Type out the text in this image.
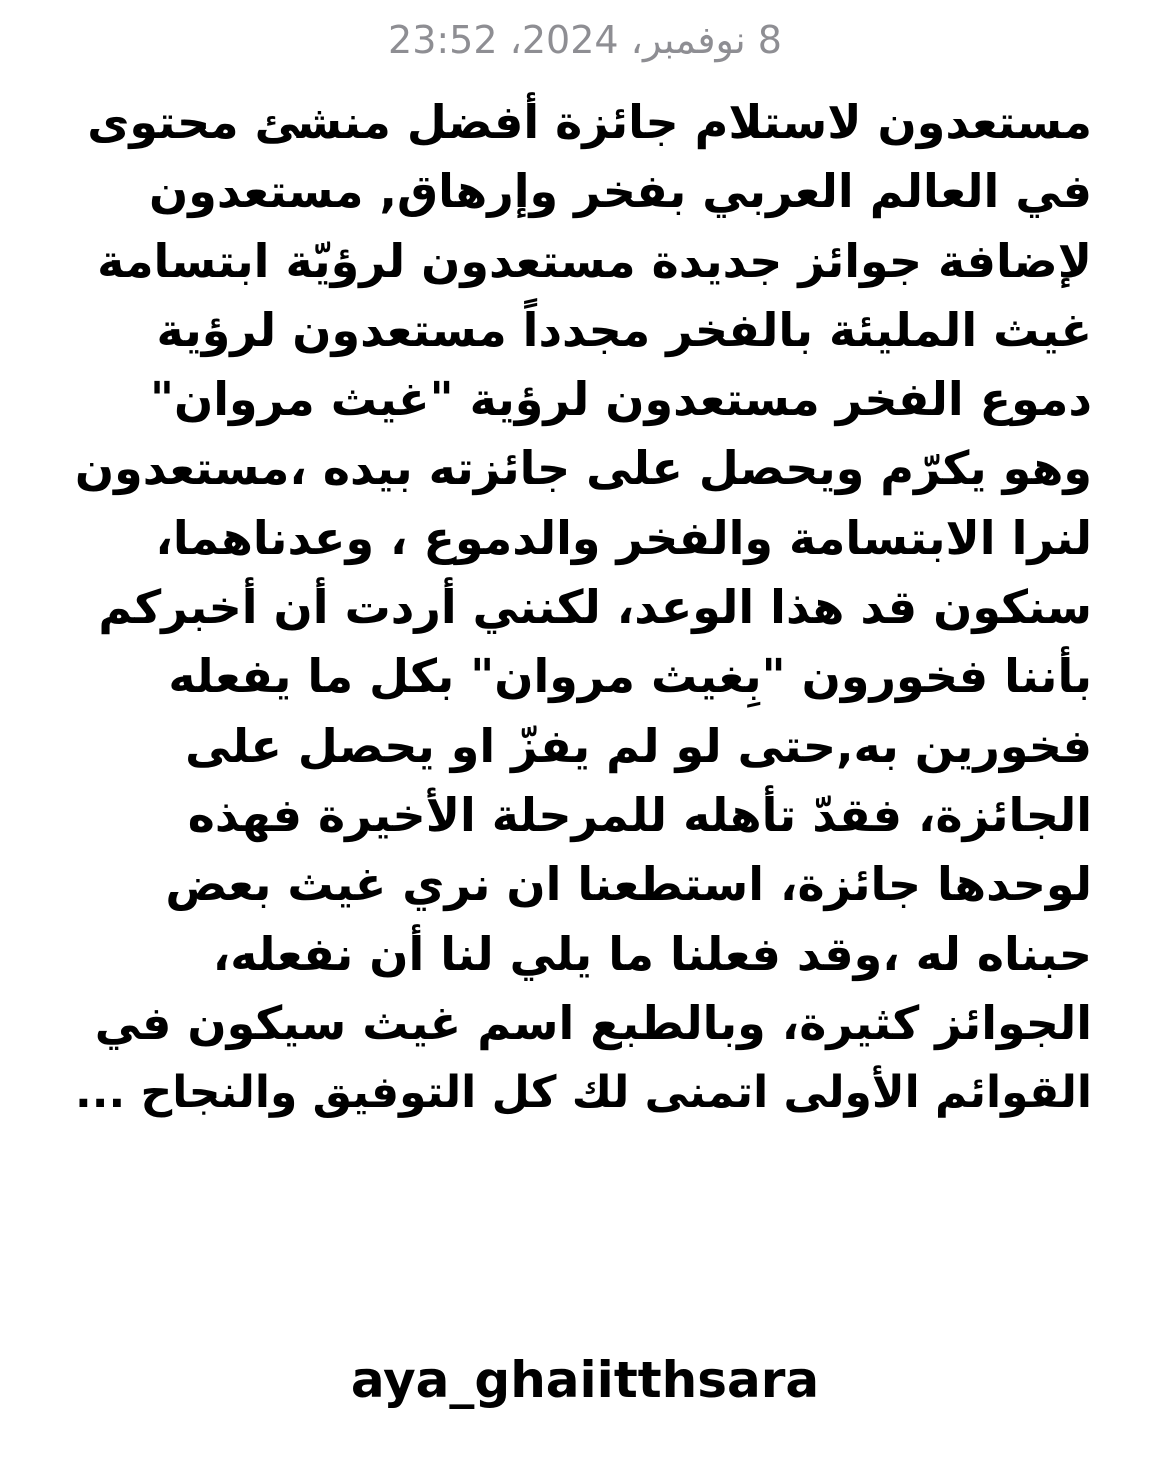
8 نوفمبر، 2024، 23:52
مستعدون لاستلام جائزة أفضل منشئ محتوى
في العالم العربي بفخر وإرهاق, مستعدون
لإضافة جوائز جديدة مستعدون لرؤيّة ابتسامة
غيث المليئة بالفخر مجدداً مستعدون لرؤية
دموع الفخر مستعدون لرؤية "غيث مروان"
وهو يكرّم ويحصل على جائزته بيده ،مستعدون
لنرا الابتسامة والفخر والدموع ، وعدناهما،
سنكون قد هذا الوعد، لكنني أردت أن أخبركم
بأننا فخورون "بِغيث مروان" بكل ما يفعله
فخورين به,حتى لو لم يفزّ او يحصل على
الجائزة، فقدّ تأهله للمرحلة الأخيرة فهذه
لوحدها جائزة، استطعنا ان نري غيث بعض
حبناه له ،وقد فعلنا ما يلي لنا أن نفعله،
الجوائز كثيرة، وبالطبع اسم غيث سيكون في
القوائم الأولى اتمنى لك كل التوفيق والنجاح ...
aya_ghaiitthsara
